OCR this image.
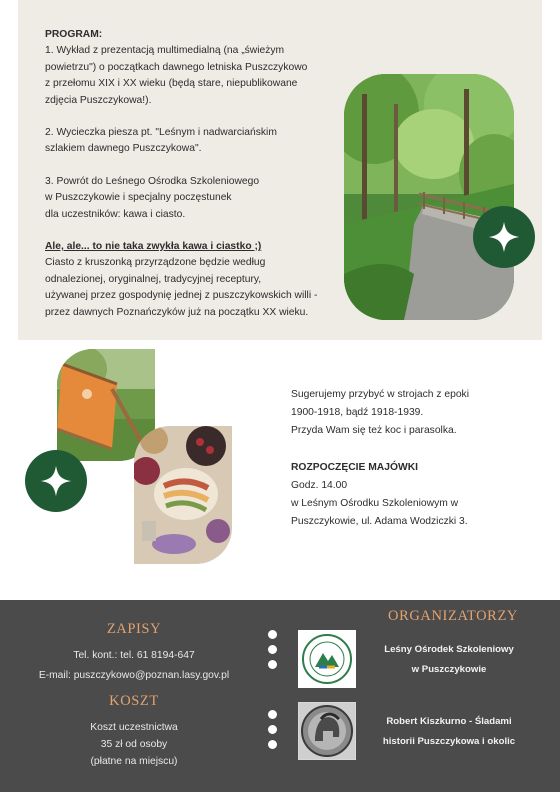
PROGRAM:

1. Wykład z prezentacją multimedialną (na „świeżym

powietrzu") o początkach dawnego letniska Puszczykowo

z przełomu XIX i XX wieku (będą stare, niepublikowane

zdjęcia Puszczykowa!).

2. Wycieczka piesza pt. "Leśnym i nadwarciańskim

szlakiem dawnego Puszczykowa".

3. Powrót do Leśnego Ośrodka Szkoleniowego

w Puszczykowie i specjalny poczęstunek

dla uczestników: kawa i ciasto.

Ale, ale... to nie taka zwykła kawa i ciastko ;)

Ciasto z kruszonką przyrządzone będzie według

odnalezionej, oryginalnej, tradycyjnej receptury,

używanej przez gospodynię jednej z puszczykowskich willi -

przez dawnych Poznańczyków już na początku XX wieku.

Sugerujemy przybyć w strojach z epoki

1900-1918, bądź 1918-1939.

Przyda Wam się też koc i parasolka.

ROZPOCZĘCIE MAJÓWKI

Godz. 14.00

w Leśnym Ośrodku Szkoleniowym w

Puszczykowie, ul. Adama Wodziczki 3.

ZAPISY
Tel. kont.: tel. 61 8194-647
E-mail: puszczykowo@poznan.lasy.gov.pl
KOSZT
Koszt uczestnictwa
35 zł od osoby
(płatne na miejscu)
ORGANIZATORZY
Leśny Ośrodek Szkoleniowy
w Puszczykowie
Robert Kiszkurno - Śladami
historii Puszczykowa i okolic
